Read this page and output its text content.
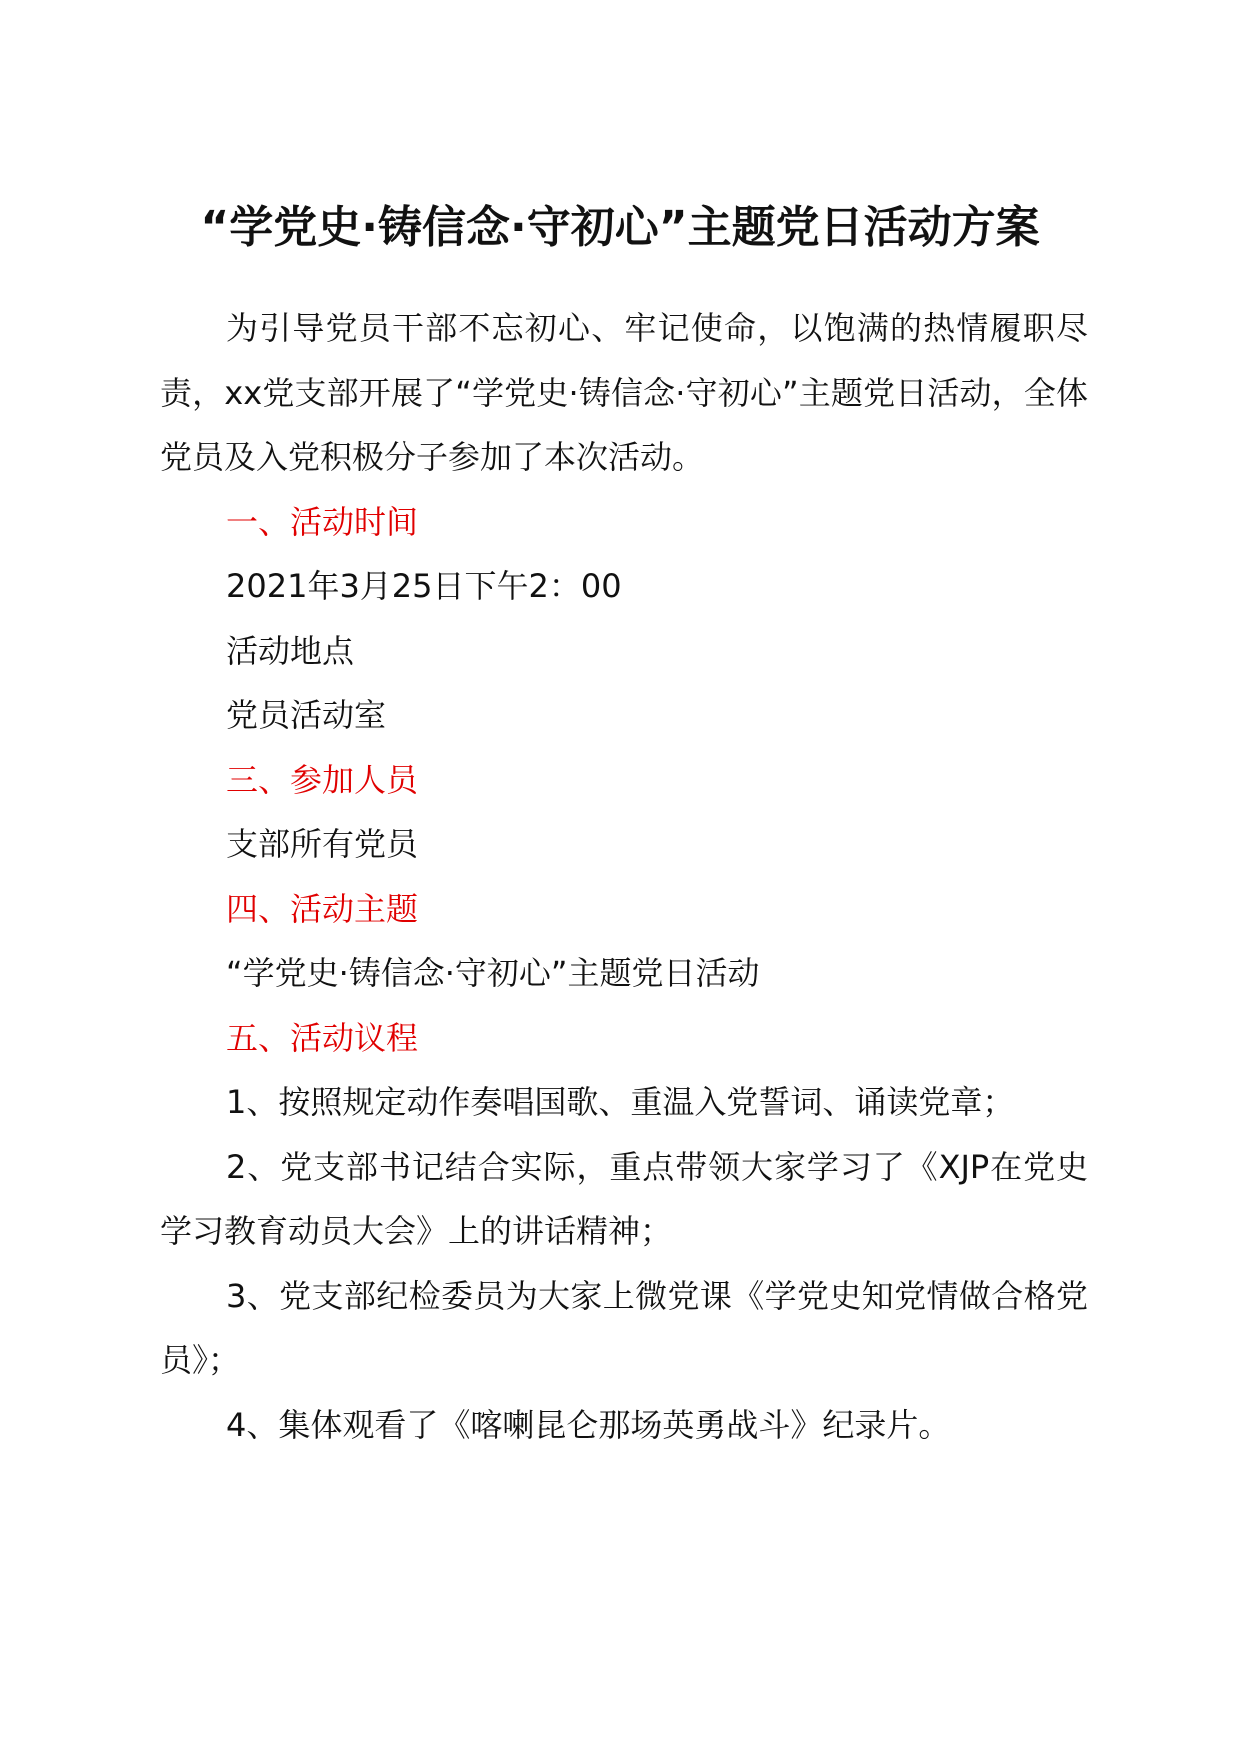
“学党史·铸信念·守初心”主题党日活动方案

为引导党员干部不忘初心、牢记使命，以饱满的热情履职尽责，xx党支部开展了“学党史·铸信念·守初心”主题党日活动，全体党员及入党积极分子参加了本次活动。

一、活动时间

2021年3月25日下午2：00

活动地点

党员活动室

三、参加人员

支部所有党员

四、活动主题

“学党史·铸信念·守初心”主题党日活动

五、活动议程

1、按照规定动作奏唱国歌、重温入党誓词、诵读党章；

2、党支部书记结合实际，重点带领大家学习了《XJP在党史学习教育动员大会》上的讲话精神；

3、党支部纪检委员为大家上微党课《学党史知党情做合格党员》；

4、集体观看了《喀喇昆仑那场英勇战斗》纪录片。
